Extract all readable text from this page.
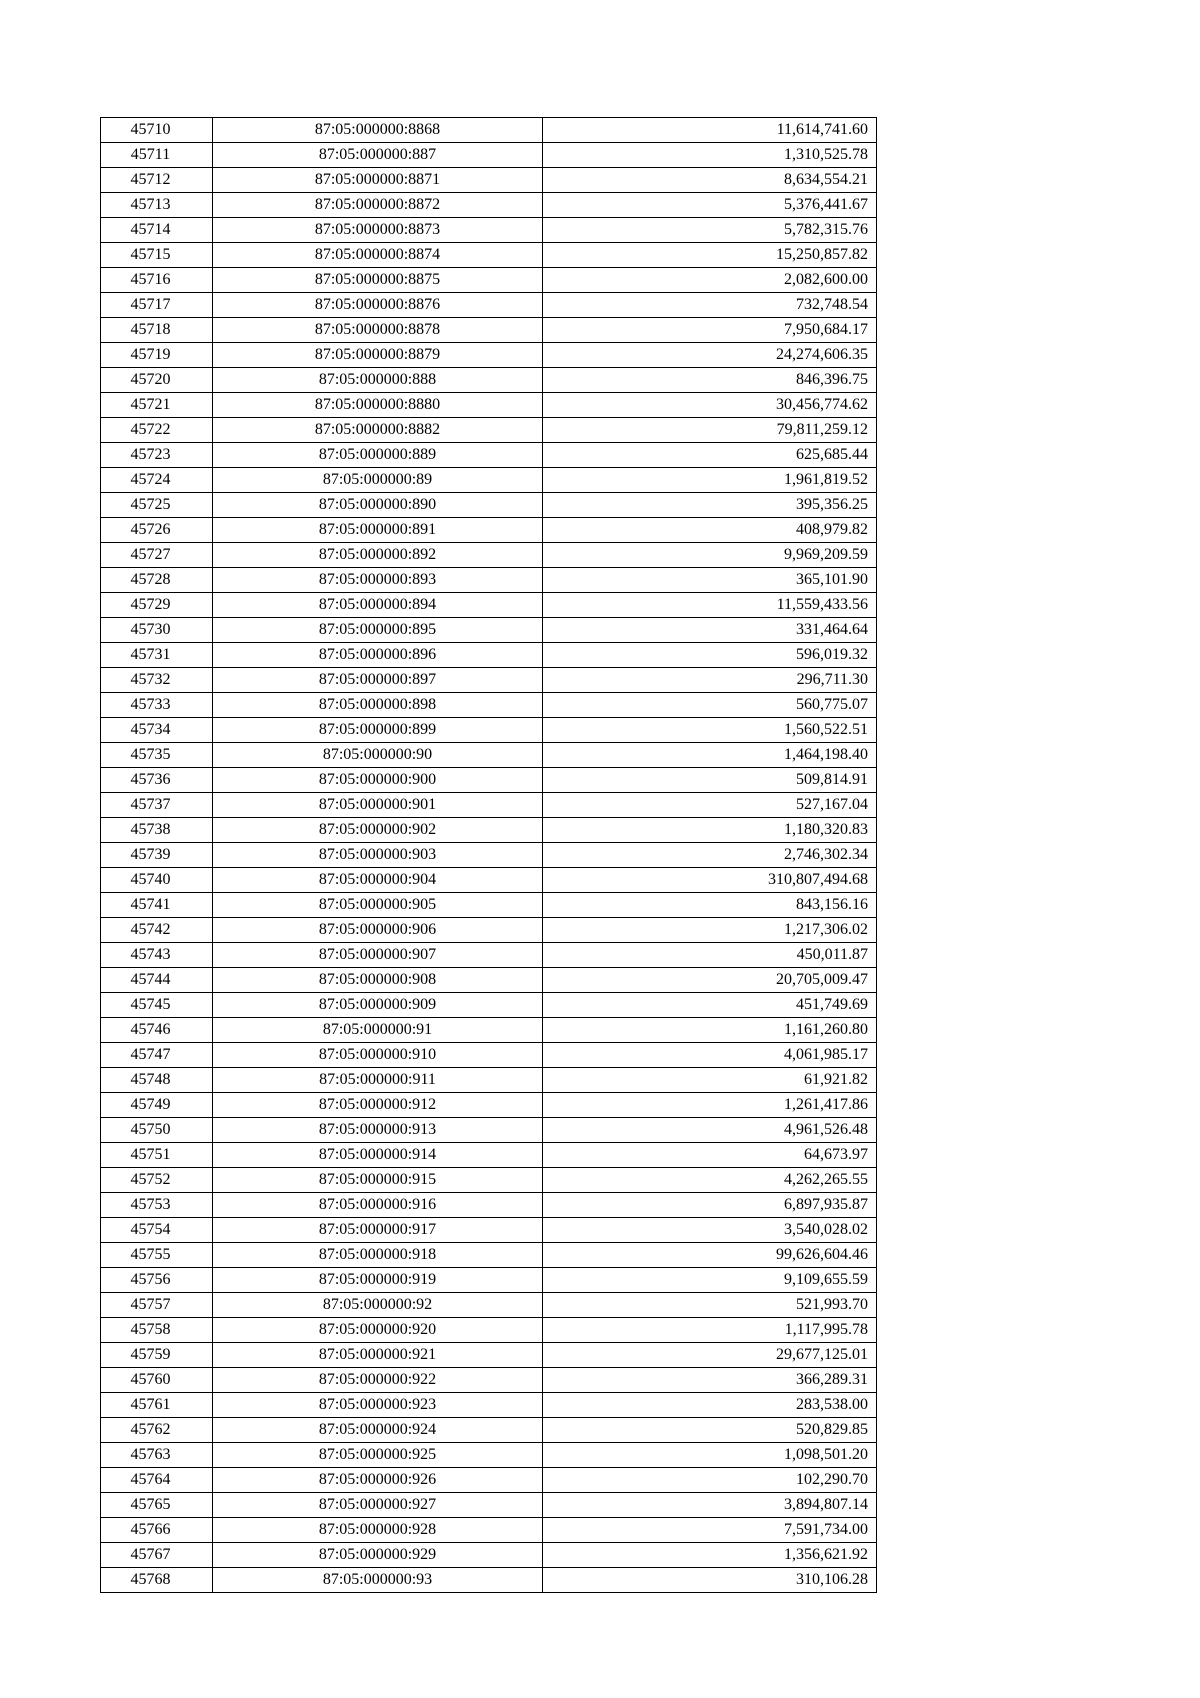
45710	87:05:000000:8868	11,614,741.60
45711	87:05:000000:887	1,310,525.78
45712	87:05:000000:8871	8,634,554.21
45713	87:05:000000:8872	5,376,441.67
45714	87:05:000000:8873	5,782,315.76
45715	87:05:000000:8874	15,250,857.82
45716	87:05:000000:8875	2,082,600.00
45717	87:05:000000:8876	732,748.54
45718	87:05:000000:8878	7,950,684.17
45719	87:05:000000:8879	24,274,606.35
45720	87:05:000000:888	846,396.75
45721	87:05:000000:8880	30,456,774.62
45722	87:05:000000:8882	79,811,259.12
45723	87:05:000000:889	625,685.44
45724	87:05:000000:89	1,961,819.52
45725	87:05:000000:890	395,356.25
45726	87:05:000000:891	408,979.82
45727	87:05:000000:892	9,969,209.59
45728	87:05:000000:893	365,101.90
45729	87:05:000000:894	11,559,433.56
45730	87:05:000000:895	331,464.64
45731	87:05:000000:896	596,019.32
45732	87:05:000000:897	296,711.30
45733	87:05:000000:898	560,775.07
45734	87:05:000000:899	1,560,522.51
45735	87:05:000000:90	1,464,198.40
45736	87:05:000000:900	509,814.91
45737	87:05:000000:901	527,167.04
45738	87:05:000000:902	1,180,320.83
45739	87:05:000000:903	2,746,302.34
45740	87:05:000000:904	310,807,494.68
45741	87:05:000000:905	843,156.16
45742	87:05:000000:906	1,217,306.02
45743	87:05:000000:907	450,011.87
45744	87:05:000000:908	20,705,009.47
45745	87:05:000000:909	451,749.69
45746	87:05:000000:91	1,161,260.80
45747	87:05:000000:910	4,061,985.17
45748	87:05:000000:911	61,921.82
45749	87:05:000000:912	1,261,417.86
45750	87:05:000000:913	4,961,526.48
45751	87:05:000000:914	64,673.97
45752	87:05:000000:915	4,262,265.55
45753	87:05:000000:916	6,897,935.87
45754	87:05:000000:917	3,540,028.02
45755	87:05:000000:918	99,626,604.46
45756	87:05:000000:919	9,109,655.59
45757	87:05:000000:92	521,993.70
45758	87:05:000000:920	1,117,995.78
45759	87:05:000000:921	29,677,125.01
45760	87:05:000000:922	366,289.31
45761	87:05:000000:923	283,538.00
45762	87:05:000000:924	520,829.85
45763	87:05:000000:925	1,098,501.20
45764	87:05:000000:926	102,290.70
45765	87:05:000000:927	3,894,807.14
45766	87:05:000000:928	7,591,734.00
45767	87:05:000000:929	1,356,621.92
45768	87:05:000000:93	310,106.28
